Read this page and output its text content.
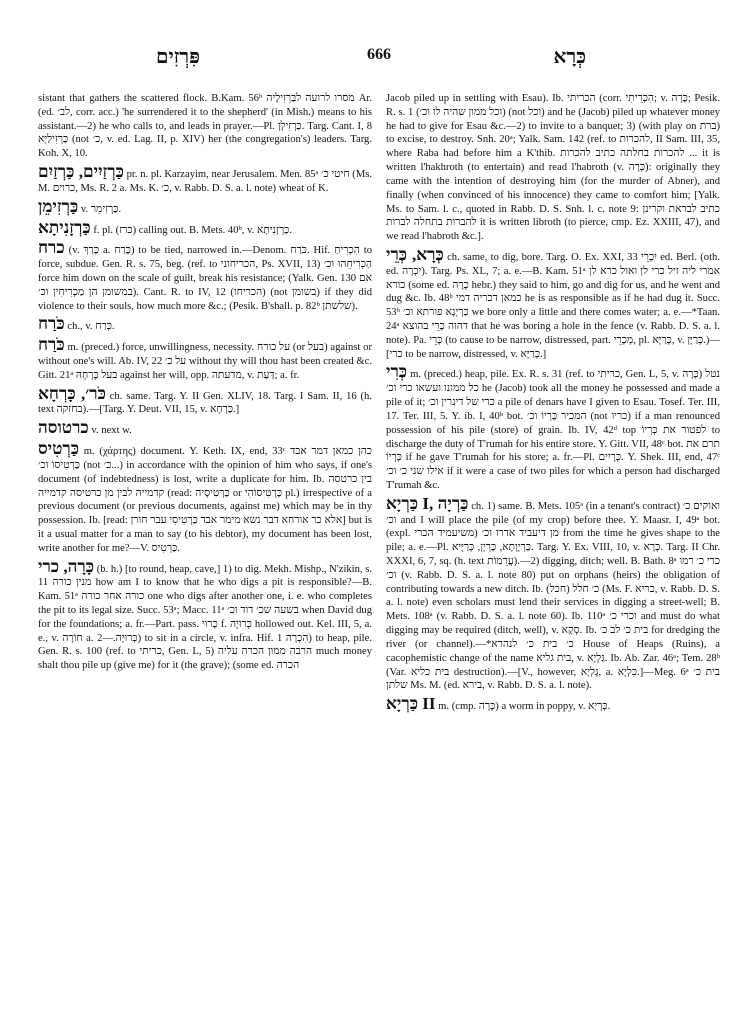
פִּרְזִים	666	כְּרָא

sistant that gathers the scattered flock. B.Kam. 56ᵇ מסרו לרועה לבַּרְזִילָיה Ar. (ed. לב׳, corr. acc.) 'he surrendered it to the shepherd' (in Mish.) means to his assistant.—2) he who calls to, and leads in prayer.—Pl. כַּרְזִילָן. Targ. Cant. I, 8 כַּרְזִילַיָּא (not כ׳, v. ed. Lag. II, p. XIV) her (the congregation's) leaders. Targ. Koh. X, 10.

כַּרְזַיִים, כַּרְזַיִם pr. n. pl. Karzayim, near Jerusalem. Men. 85ᵃ חיטי כ׳ (Ms. M. כרוים, Ms. R. 2 a. Ms. K. כ׳, v. Rabb. D. S. a. l. note) wheat of K.

כַּרְזִימֵן v. כַּרְזִימֵר.

כַּרְזָנִיתָא f. pl. (כרז) calling out. B. Mets. 40ᵇ, v. כַּרְזָנִיתָא.

כרח (v. כָּרַךְ a. כָּרַח) to be tied, narrowed in.—Denom. כֹּרַח. Hif. הִכְרִיחַ to force, subdue. Gen. R. s. 75, beg. (ref. to הכריחוני, Ps. XVII, 13) הַכְרִיחֵהוּ וכ׳ force him down on the scale of guilt, break his resistance; (Yalk. Gen. 130 אם במשומן הן מַכְרִיחִין וכ׳). Cant. R. to IV, 12 (הכריחו) (not בשומן) if they did violence to their souls, how much more &c.; (Pesik. B'shall. p. 82ᵇ שלשתן).

כֹּרַח ch., v. כְּרַח.

כֹּרַח m. (preced.) force, unwillingness, necessity. על כורח (or בעל) against or without one's will. Ab. IV, 22 על כ׳ without thy will thou hast been created &c. Gitt. 21ᵃ בעל כָּרְחָהּ against her will, opp. מדעתה, v. דַּעַת; a. fr.

כֹּר׳, כָּרְחָא ch. same. Targ. Y. II Gen. XLIV, 18. Targ. I Sam. II, 16 (h. text בחזקה).—[Targ. Y. Deut. VII, 15, v. כַּרְחָא.]

כרטוסה v. next w.

כַּרְטִיס m. (χάρτης) document. Y. Keth. IX, end, 33ᶜ כהן כמאן דמר אבד כַּרְטִיסוֹ וכ׳ (not כ׳...) in accordance with the opinion of him who says, if one's document (of indebtedness) is lost, write a duplicate for him. Ib. בין כרטסה קדמייה לבין מן כרטיסה קדמייה (read: כַּרְטִיסָיה or כַּרְטִיסוֹהִי pl.) irrespective of a previous document (or previous documents, against me) which may be in thy possession. Ib. [read: אלא כר אורחא דבר נשא מימר אבד כַּרְטִיסִי עבר חורן] but is it a usual matter for a man to say (to his debtor), my document has been lost, write another for me?—V. כַּרְטִיס.

כָּרָה, כרי (b. h.) [to round, heap, cave,] 1) to dig. Mekh. Mishp., N'zikin, s. 11 מנין כורה how am I to know that he who digs a pit is responsible?—B. Kam. 51ᵃ כורה אחר כורה one who digs after another one, i. e. who completes the pit to its legal size. Succ. 53ᵃ; Macc. 11ᵃ בשעה שכ׳ דוד וכ׳ when David dug for the foundations; a. fr.—Part. pass. כָּרוּי f. כְּרוּיָה hollowed out. Kel. III, 5, a. e., v. חוֹרָה a. כְּרוּיָה.—2) to sit in a circle, v. infra. Hif. הִכְרָה 1) to heap, pile. Gen. R. s. 100 (ref. to כריתי, Gen. L, 5) הרבה ממון הכרה עליה much money shalt thou pile up (give me) for it (the grave); (some ed. הכרה

Jacob piled up in settling with Esau). Ib. הכריתי (corr. הִכְרֵיתִי; v. כָּרָה; Pesik. R. s. 1 (וכל ממון שהיה לו וכ׳) (not וכל) and he (Jacob) piled up whatever money he had to give for Esau &c.—2) to invite to a banquet; 3) (with play on ברת) to excise, to destroy. Snh. 20ᵃ; Yalk. Sam. 142 (ref. to להכרות, II Sam. III, 35, where Raba had before him a K'thib. להכרות בחלתה כתיב להכרות ... it is written l'hakhroth (to entertain) and read l'habroth (v. כְּרָה): originally they came with the intention of destroying him (for the murder of Abner), and finally (when convinced of his innocence) they came to comfort him; [Yalk. Ms. to Sam. l. c., quoted in Rabb. D. S. Snh. l. c. note 9: כתיב לבראת וקרינן להברות בתחלה לברות it is written libroth (to pierce, cmp. Ez. XXIII, 47), and we read l'habroth &c.].

כְּרָא, כְּרֵי ch. same, to dig, bore. Targ. O. Ex. XXI, 33 יִכְרֵי ed. Berl. (oth. ed. יִכְרָה). Targ. Ps. XL, 7; a. e.—B. Kam. 51ᵃ אמרי ליה זיל כרי לן ואול כרא לן כורא (some ed. כָּרָה hebr.) they said to him, go and dig for us, and he went and dug &c. Ib. 48ᵇ כמאן דכריה דמי he is as responsible as if he had dug it. Succ. 53ᵇ כַּרְיָנָא פורתא וכ׳ we bore only a little and there comes water; a. e.—*Taan. 24ᵃ דהוה כָּרֵי בהוצא that he was boring a hole in the fence (v. Rabb. D. S. a. l. note). Pa. כָּרֵי (to cause to be narrow, distressed, part. מְכָרֵי, pl. כְּרַיָּא, v. כְּרַיָּן.)—[כרי to be narrow, distressed, v. כְּרַיָּא.]

כְּרִי m. (preced.) heap, pile. Ex. R. s. 31 (ref. to כריתי, Gen. L, 5, v. כָּרָה) נטל כל ממונו ועשאו כרי וכ׳ he (Jacob) took all the money he possessed and made a pile of it; כרי של דינרין וכ׳ a pile of denars have I given to Esau. Tosef. Ter. III, 17. Ter. III, 5. Y. ib. I, 40ᵇ bot. המכיר כְּרְיוֹ וכ׳ (not כריו) if a man renounced possession of his pile (store) of grain. Ib. IV, 42ᵈ top לפטור את כְּרְיוֹ to discharge the duty of T'rumah for his entire store. Y. Gitt. VII, 48ᶜ bot. תרם את כְּרְיוֹ if he gave T'rumah for his store; a. fr.—Pl. כְּרָיִים. Y. Shek. III, end, 47ᶜ אילו שני כ׳ וכ׳ if it were a case of two piles for which a person had discharged T'rumah &c.

כַּרְיָא I, כַּרְיָה ch. 1) same. B. Mets. 105ᵃ (in a tenant's contract) ואוקים כ׳ וכ׳ and I will place the pile (of my crop) before thee. Y. Maasr. I, 49ᵃ bot. (expl. משיעמיד הכרי) מן דיעביד אדרו וכ׳ from the time he gives shape to the pile; a. e.—Pl. כַּרְיָוָתָא, כַּרְיָן, כְּרַיָּיא. Targ. Y. Ex. VIII, 10, v. כְּרָא. Targ. II Chr. XXXI, 6, 7, sq. (h. text עֲרֵמוֹת).—2) digging, ditch; well. B. Bath. 8ᵃ כרי כ׳ רמו וכ׳ (v. Rabb. D. S. a. l. note 80) put on orphans (heirs) the obligation of contributing towards a new ditch. Ib. (חכל) כ׳ חלל (Ms. F. כריא, v. Rabb. D. S. a. l. note) even scholars must lend their services in digging a street-well; B. Mets. 108ᵃ (v. Rabb. D. S. a. l. note 60). Ib. 110ᵃ וכרי כ׳ and must do what digging may be required (ditch, well), v. סְקָא. Ib. בית כ׳ לב כ׳ for dredging the river (or channel).—*כ׳ בית כ׳ לנהרא House of Heaps (Ruins), a cacophemistic change of the name בית גליא, v. גַּלְיָא. Ib. Ab. Zar. 46ᵃ; Tem. 28ᵇ (Var. בית כליא destruction).—[V., however, גֶּלְיָא, a. כִּלְיָא.]—Meg. 6ᵃ בית כ׳ שלתן Ms. M. (ed. בירא, v. Rabb. D. S. a. l. note).

כַּרְיָא II m. (cmp. כָּרָה) a worm in poppy, v. כְּרָיָא.
